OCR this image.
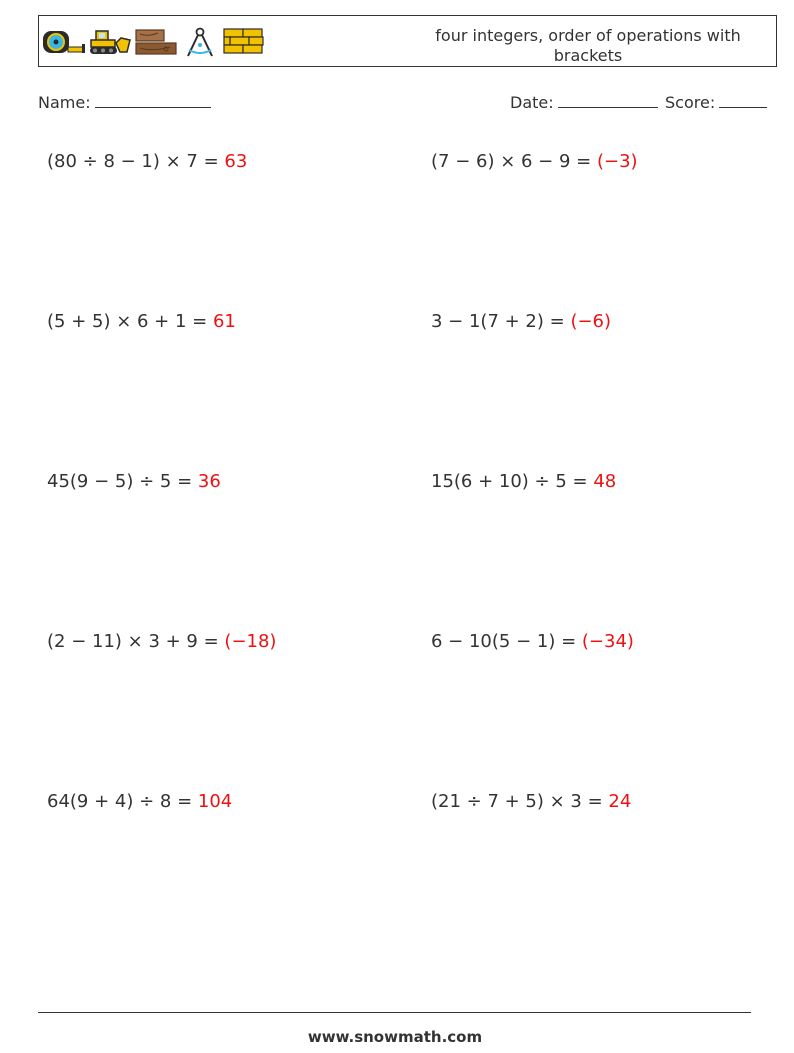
four integers, order of operations with brackets
Name:	Date:	Score:
(80 ÷ 8 − 1) × 7 = 63	(7 − 6) × 6 − 9 = (−3)
(5 + 5) × 6 + 1 = 61	3 − 1(7 + 2) = (−6)
45(9 − 5) ÷ 5 = 36	15(6 + 10) ÷ 5 = 48
(2 − 11) × 3 + 9 = (−18)	6 − 10(5 − 1) = (−34)
64(9 + 4) ÷ 8 = 104	(21 ÷ 7 + 5) × 3 = 24
www.snowmath.com
